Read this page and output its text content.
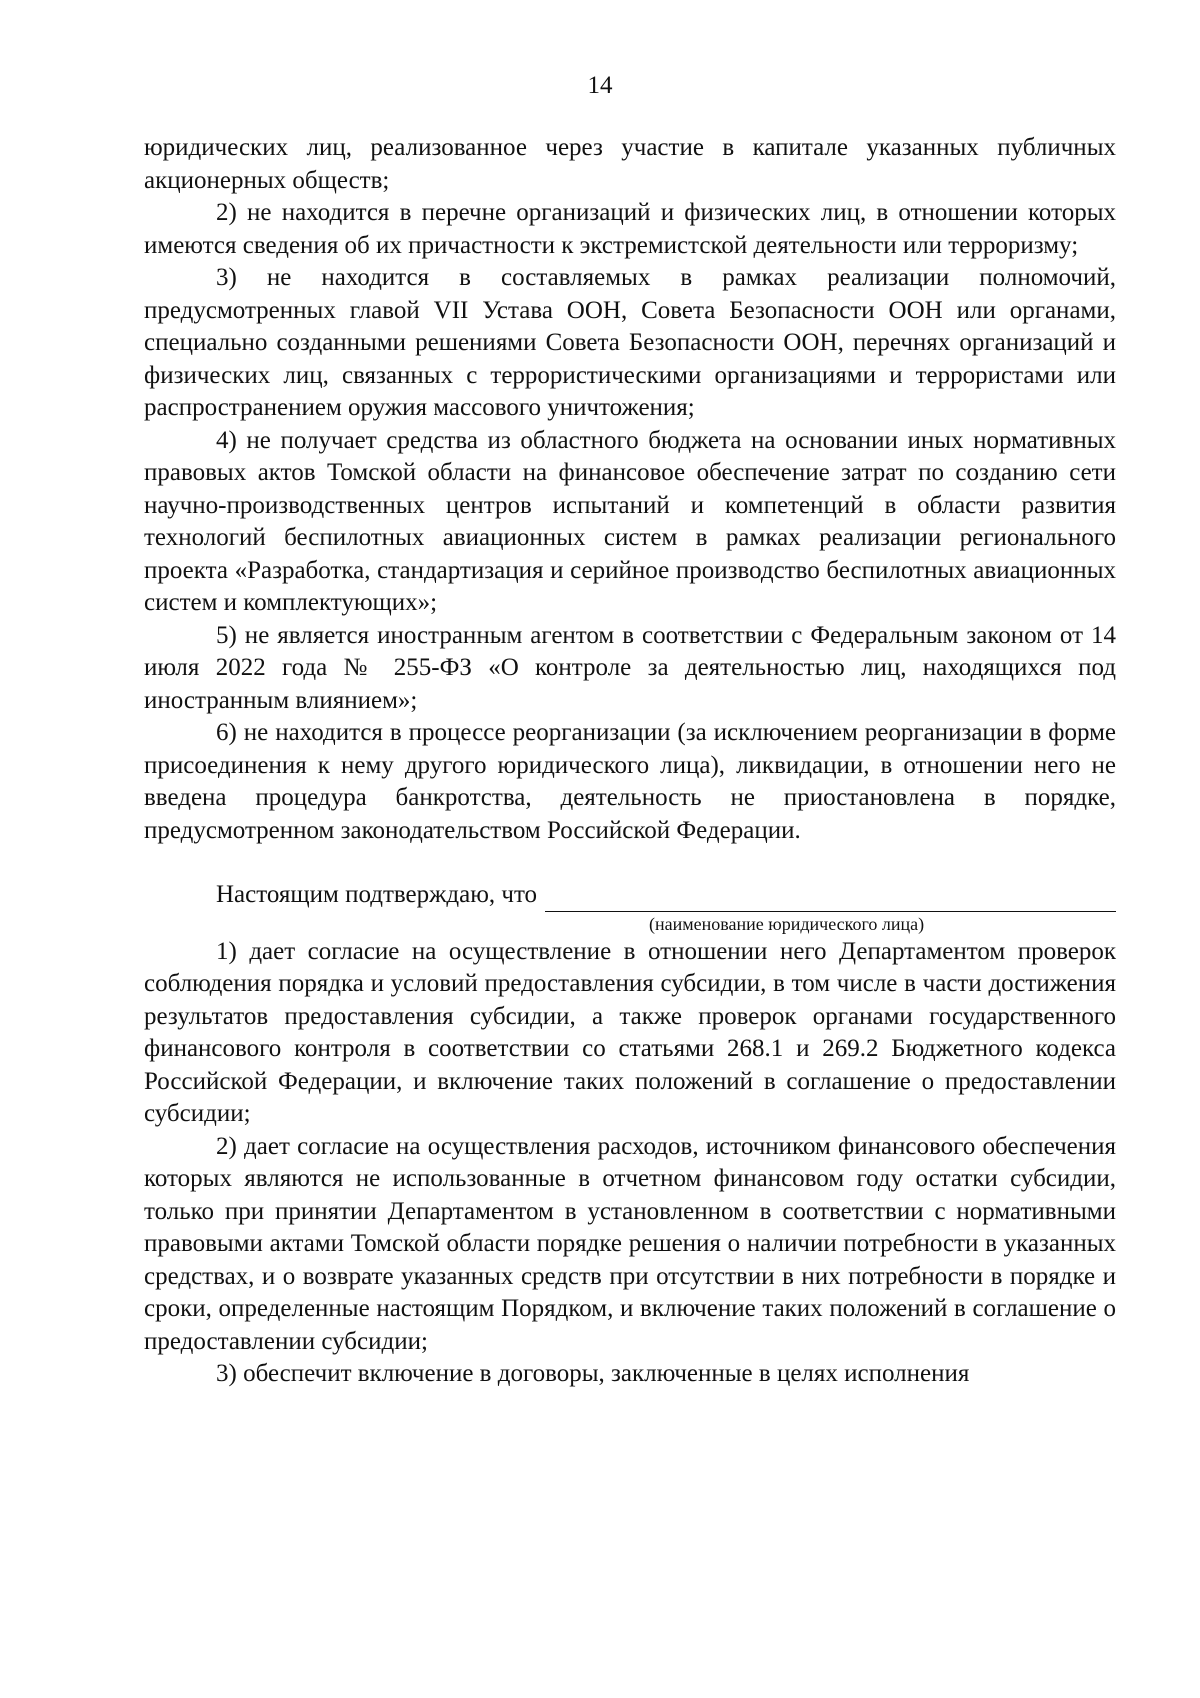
14

юридических лиц, реализованное через участие в капитале указанных публичных акционерных обществ;

2) не находится в перечне организаций и физических лиц, в отношении которых имеются сведения об их причастности к экстремистской деятельности или терроризму;

3) не находится в составляемых в рамках реализации полномочий, предусмотренных главой VII Устава ООН, Совета Безопасности ООН или органами, специально созданными решениями Совета Безопасности ООН, перечнях организаций и физических лиц, связанных с террористическими организациями и террористами или распространением оружия массового уничтожения;

4) не получает средства из областного бюджета на основании иных нормативных правовых актов Томской области на финансовое обеспечение затрат по созданию сети научно-производственных центров испытаний и компетенций в области развития технологий беспилотных авиационных систем в рамках реализации регионального проекта «Разработка, стандартизация и серийное производство беспилотных авиационных систем и комплектующих»;

5) не является иностранным агентом в соответствии с Федеральным законом от 14 июля 2022 года № 255-ФЗ «О контроле за деятельностью лиц, находящихся под иностранным влиянием»;

6) не находится в процессе реорганизации (за исключением реорганизации в форме присоединения к нему другого юридического лица), ликвидации, в отношении него не введена процедура банкротства, деятельность не приостановлена в порядке, предусмотренном законодательством Российской Федерации.

Настоящим подтверждаю, что

(наименование юридического лица)

1) дает согласие на осуществление в отношении него Департаментом проверок соблюдения порядка и условий предоставления субсидии, в том числе в части достижения результатов предоставления субсидии, а также проверок органами государственного финансового контроля в соответствии со статьями 268.1 и 269.2 Бюджетного кодекса Российской Федерации, и включение таких положений в соглашение о предоставлении субсидии;

2) дает согласие на осуществления расходов, источником финансового обеспечения которых являются не использованные в отчетном финансовом году остатки субсидии, только при принятии Департаментом в установленном в соответствии с нормативными правовыми актами Томской области порядке решения о наличии потребности в указанных средствах, и о возврате указанных средств при отсутствии в них потребности в порядке и сроки, определенные настоящим Порядком, и включение таких положений в соглашение о предоставлении субсидии;

3) обеспечит включение в договоры, заключенные в целях исполнения
